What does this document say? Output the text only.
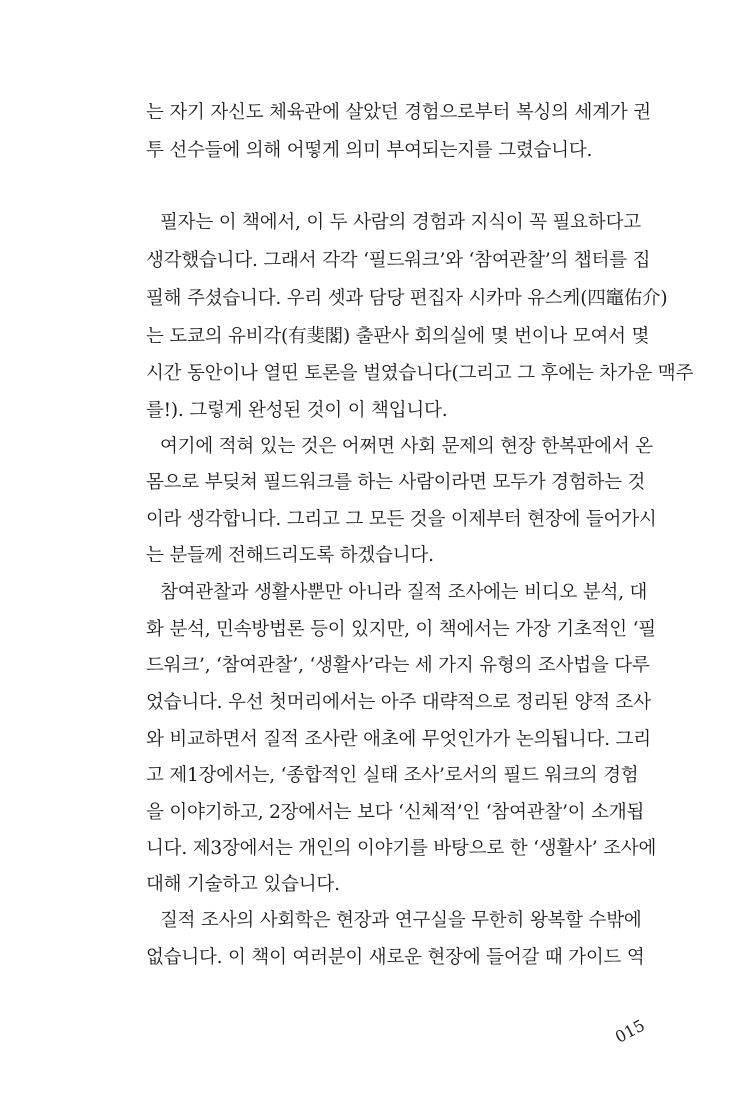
는 자기 자신도 체육관에 살았던 경험으로부터 복싱의 세계가 권
투 선수들에 의해 어떻게 의미 부여되는지를 그렸습니다.
필자는 이 책에서, 이 두 사람의 경험과 지식이 꼭 필요하다고
생각했습니다. 그래서 각각 ‘필드워크’와 ‘참여관찰’의 챕터를 집
필해 주셨습니다. 우리 셋과 담당 편집자 시카마 유스케(四竈佑介)
는 도쿄의 유비각(有斐閣) 출판사 회의실에 몇 번이나 모여서 몇
시간 동안이나 열띤 토론을 벌였습니다(그리고 그 후에는 차가운 맥주
를!). 그렇게 완성된 것이 이 책입니다.
여기에 적혀 있는 것은 어쩌면 사회 문제의 현장 한복판에서 온
몸으로 부딪쳐 필드워크를 하는 사람이라면 모두가 경험하는 것
이라 생각합니다. 그리고 그 모든 것을 이제부터 현장에 들어가시
는 분들께 전해드리도록 하겠습니다.
참여관찰과 생활사뿐만 아니라 질적 조사에는 비디오 분석, 대
화 분석, 민속방법론 등이 있지만, 이 책에서는 가장 기초적인 ‘필
드워크’, ‘참여관찰’, ‘생활사’라는 세 가지 유형의 조사법을 다루
었습니다. 우선 첫머리에서는 아주 대략적으로 정리된 양적 조사
와 비교하면서 질적 조사란 애초에 무엇인가가 논의됩니다. 그리
고 제1장에서는, ‘종합적인 실태 조사’로서의 필드 워크의 경험
을 이야기하고, 2장에서는 보다 ‘신체적’인 ‘참여관찰’이 소개됩
니다. 제3장에서는 개인의 이야기를 바탕으로 한 ‘생활사’ 조사에
대해 기술하고 있습니다.
질적 조사의 사회학은 현장과 연구실을 무한히 왕복할 수밖에
없습니다. 이 책이 여러분이 새로운 현장에 들어갈 때 가이드 역
015
